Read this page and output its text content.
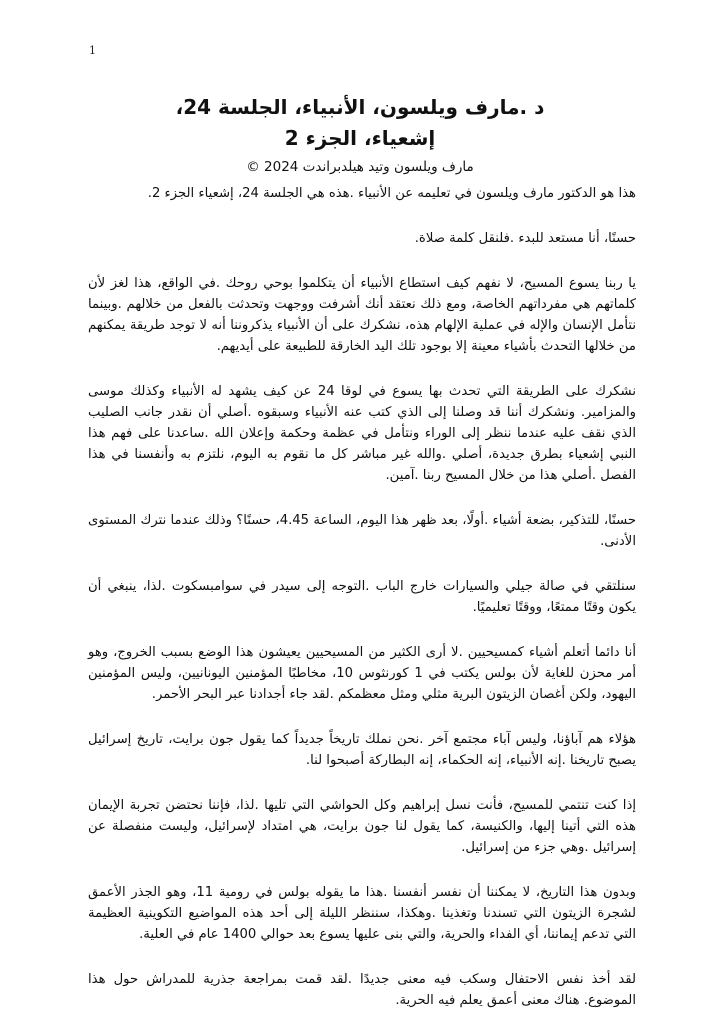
1
د .مارف ويلسون، الأنبياء، الجلسة 24،
إشعياء، الجزء 2
مارف ويلسون وتيد هيلدبراندت 2024 ©

هذا هو الدكتور مارف ويلسون في تعليمه عن الأنبياء .هذه هي الجلسة 24، إشعياء الجزء 2.

حسنًا، أنا مستعد للبدء .فلنقل كلمة صلاة.

يا ربنا يسوع المسيح، لا نفهم كيف استطاع الأنبياء أن يتكلموا بوحي روحك .في الواقع، هذا لغز لأن كلماتهم هي مفرداتهم الخاصة، ومع ذلك نعتقد أنك أشرفت ووجهت وتحدثت بالفعل من خلالهم .وبينما نتأمل الإنسان والإله في عملية الإلهام هذه، نشكرك على أن الأنبياء يذكروننا أنه لا توجد طريقة يمكنهم من خلالها التحدث بأشياء معينة إلا بوجود تلك اليد الخارقة للطبيعة على أيديهم.

نشكرك على الطريقة التي تحدث بها يسوع في لوقا 24 عن كيف يشهد له الأنبياء وكذلك موسى والمزامير. ونشكرك أننا قد وصلنا إلى الذي كتب عنه الأنبياء وسبقوه .أصلي أن نقدر جانب الصليب الذي نقف عليه عندما ننظر إلى الوراء ونتأمل في عظمة وحكمة وإعلان الله .ساعدنا على فهم هذا النبي إشعياء بطرق جديدة، أصلي .والله غير مباشر كل ما نقوم به اليوم، نلتزم به وأنفسنا في هذا الفصل .أصلي هذا من خلال المسيح ربنا .آمين.

حسنًا، للتذكير، بضعة أشياء .أولًا، بعد ظهر هذا اليوم، الساعة 4.45، حسنًا؟ وذلك عندما نترك المستوى الأدنى.

سنلتقي في صالة جيلي والسيارات خارج الباب .التوجه إلى سيدر في سوامبسكوت .لذا، ينبغي أن يكون وقتًا ممتعًا، ووقتًا تعليميًا.

أنا دائما أتعلم أشياء كمسيحيين .لا أرى الكثير من المسيحيين يعيشون هذا الوضع بسبب الخروج، وهو أمر محزن للغاية لأن بولس يكتب في 1 كورنثوس 10، مخاطبًا المؤمنين اليونانيين، وليس المؤمنين اليهود، ولكن أغصان الزيتون البرية مثلي ومثل معظمكم .لقد جاء أجدادنا عبر البحر الأحمر.

هؤلاء هم آباؤنا، وليس آباء مجتمع آخر .نحن نملك تاريخاً جديداً كما يقول جون برايت، تاريخ إسرائيل يصبح تاريخنا .إنه الأنبياء، إنه الحكماء، إنه البطاركة أصبحوا لنا.

إذا كنت تنتمي للمسيح، فأنت نسل إبراهيم وكل الحواشي التي تليها .لذا، فإننا نحتضن تجربة الإيمان هذه التي أتينا إليها، والكنيسة، كما يقول لنا جون برايت، هي امتداد لإسرائيل، وليست منفصلة عن إسرائيل .وهي جزء من إسرائيل.

وبدون هذا التاريخ، لا يمكننا أن نفسر أنفسنا .هذا ما يقوله بولس في رومية 11، وهو الجذر الأعمق لشجرة الزيتون التي تسندنا وتغذينا .وهكذا، سننظر الليلة إلى أحد هذه المواضيع التكوينية العظيمة التي تدعم إيماننا، أي الفداء والحرية، والتي بنى عليها يسوع بعد حوالي 1400 عام في العلية.

لقد أخذ نفس الاحتفال وسكب فيه معنى جديدًا .لقد قمت بمراجعة جذرية للمدراش حول هذا الموضوع. هناك معنى أعمق يعلم فيه الحرية.
